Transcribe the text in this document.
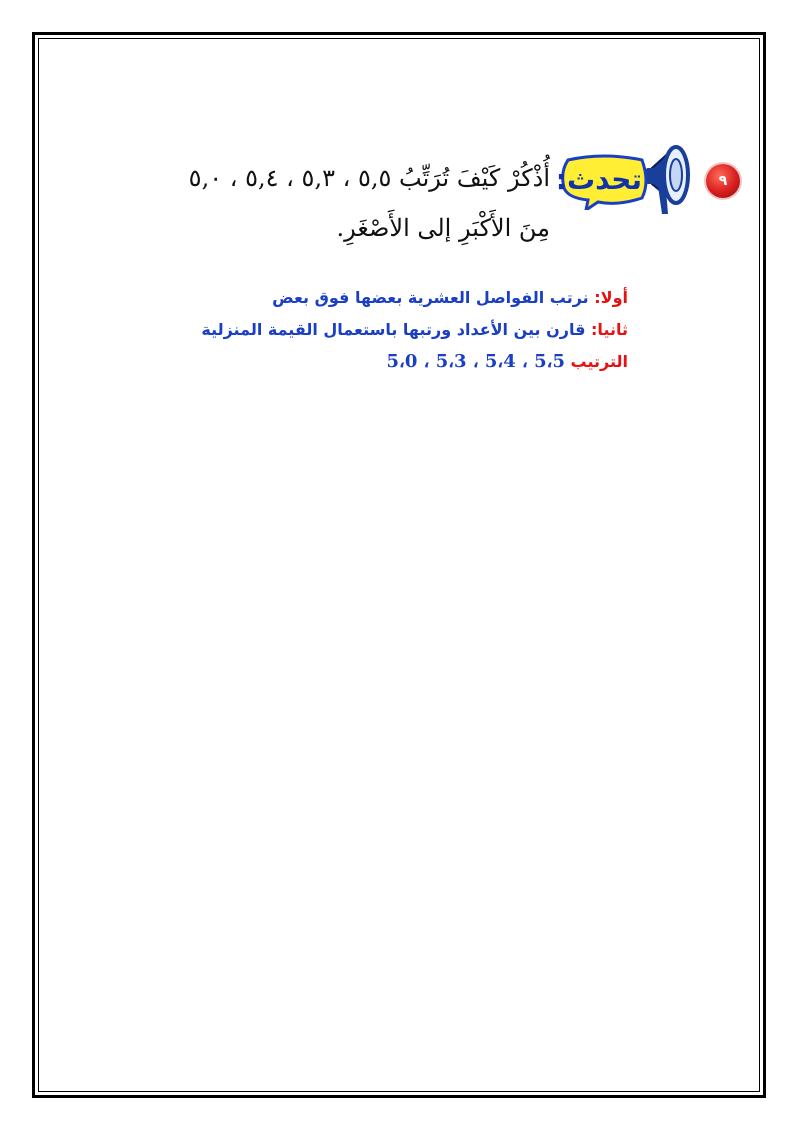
٩
تحدث:
أُذْكُرْ كَيْفَ تُرَتِّبُ ٥,٥ ، ٥,٣ ، ٥,٤ ، ٥,٠
مِنَ الأَكْبَرِ إلى الأَصْغَرِ.
أولا: نرتب الفواصل العشرية بعضها فوق بعض
ثانيا: قارن بين الأعداد ورتبها باستعمال القيمة المنزلية
الترتيب 5،5 ، 5،4 ، 5،3 ، 5،0
